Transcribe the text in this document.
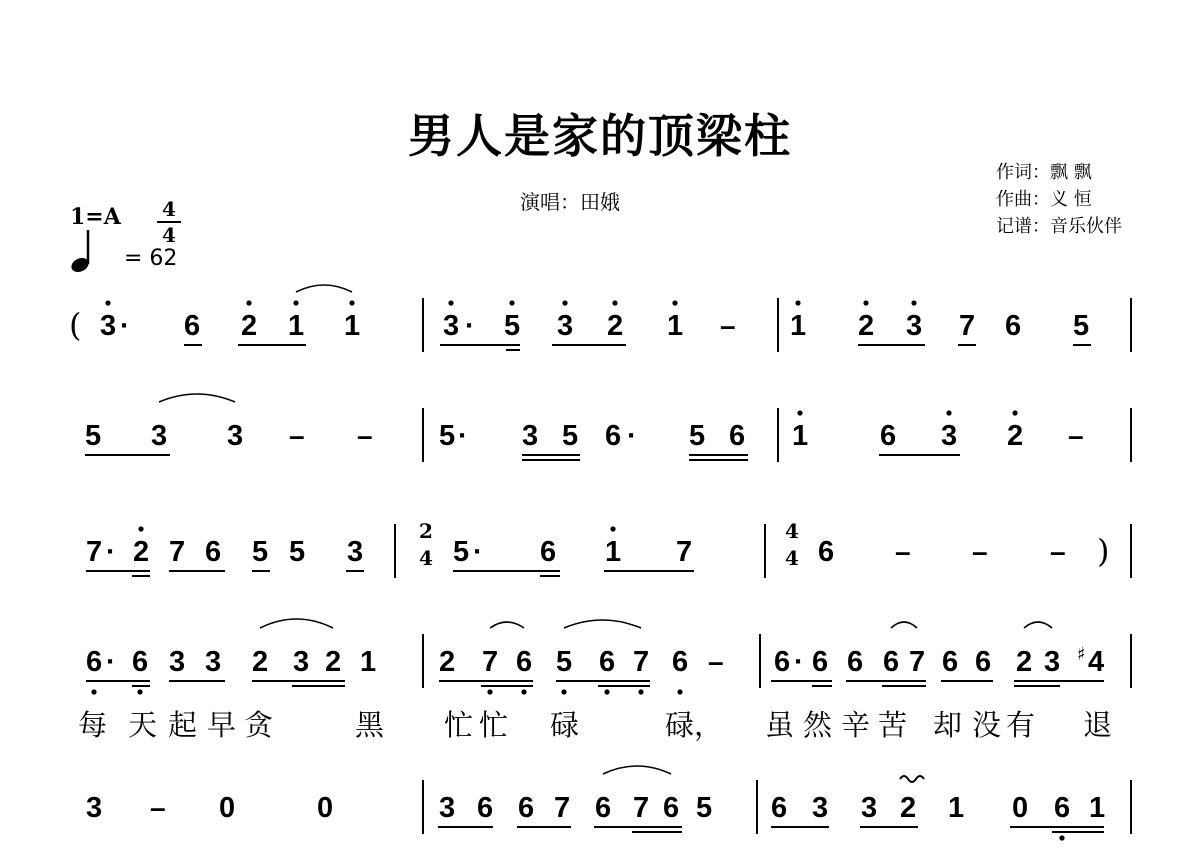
男人是家的顶梁柱
演唱：田娥
作词：飘 飘
作曲：义 恒
记谱：音乐伙伴
1=A 4
4
= 62
( 3 · 6 2 1 1	3 · 5 3 2 1 – 1 2 3 7 6 5
5 3 3 – – 5 · 3 5 6 · 5 6 1 6 3 2 –
7 · 2 7 6 5 5 3
2
4 5 · 6 1 7
4
4 6 – – – )
6 · 6 3 3 2 3 2 1 2 7 6 5 6 7 6 – 6 · 6 6 6 7 6 6 2 3 ♯ 4
每 天 起 早 贪	黑 忙 忙 碌	碌， 虽 然 辛 苦 却 没 有 退
3 – 0	0	3 6 6 7 6 7 6 5 6 3 3 2 1 0 6 1
